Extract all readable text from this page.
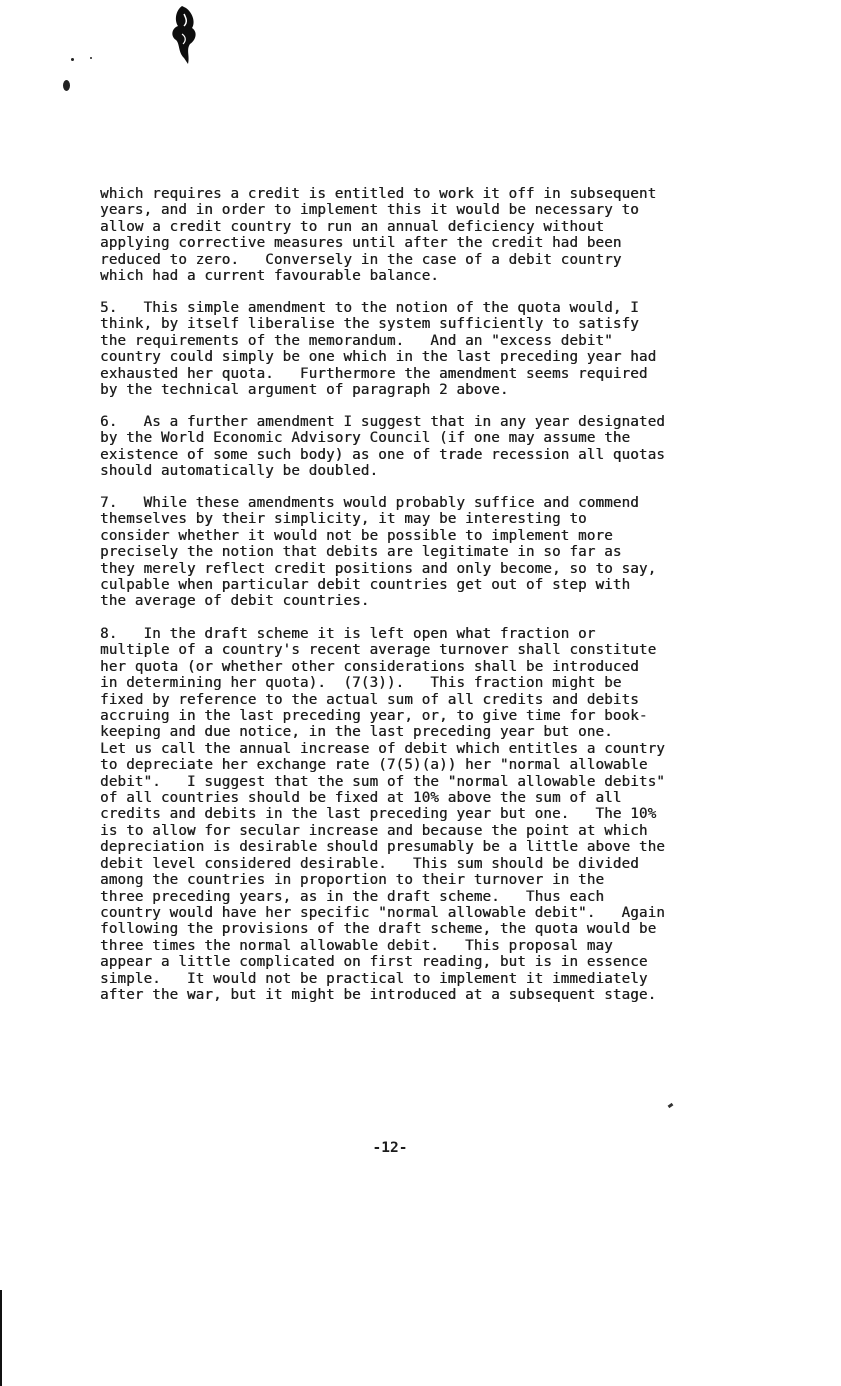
which requires a credit is entitled to work it off in subsequent
years, and in order to implement this it would be necessary to
allow a credit country to run an annual deficiency without
applying corrective measures until after the credit had been
reduced to zero.   Conversely in the case of a debit country
which had a current favourable balance.

5.   This simple amendment to the notion of the quota would, I
think, by itself liberalise the system sufficiently to satisfy
the requirements of the memorandum.   And an "excess debit"
country could simply be one which in the last preceding year had
exhausted her quota.   Furthermore the amendment seems required
by the technical argument of paragraph 2 above.

6.   As a further amendment I suggest that in any year designated
by the World Economic Advisory Council (if one may assume the
existence of some such body) as one of trade recession all quotas
should automatically be doubled.

7.   While these amendments would probably suffice and commend
themselves by their simplicity, it may be interesting to
consider whether it would not be possible to implement more
precisely the notion that debits are legitimate in so far as
they merely reflect credit positions and only become, so to say,
culpable when particular debit countries get out of step with
the average of debit countries.

8.   In the draft scheme it is left open what fraction or
multiple of a country's recent average turnover shall constitute
her quota (or whether other considerations shall be introduced
in determining her quota).  (7(3)).   This fraction might be
fixed by reference to the actual sum of all credits and debits
accruing in the last preceding year, or, to give time for book-
keeping and due notice, in the last preceding year but one.
Let us call the annual increase of debit which entitles a country
to depreciate her exchange rate (7(5)(a)) her "normal allowable
debit".   I suggest that the sum of the "normal allowable debits"
of all countries should be fixed at 10% above the sum of all
credits and debits in the last preceding year but one.   The 10%
is to allow for secular increase and because the point at which
depreciation is desirable should presumably be a little above the
debit level considered desirable.   This sum should be divided
among the countries in proportion to their turnover in the
three preceding years, as in the draft scheme.   Thus each
country would have her specific "normal allowable debit".   Again
following the provisions of the draft scheme, the quota would be
three times the normal allowable debit.   This proposal may
appear a little complicated on first reading, but is in essence
simple.   It would not be practical to implement it immediately
after the war, but it might be introduced at a subsequent stage.

-12-
